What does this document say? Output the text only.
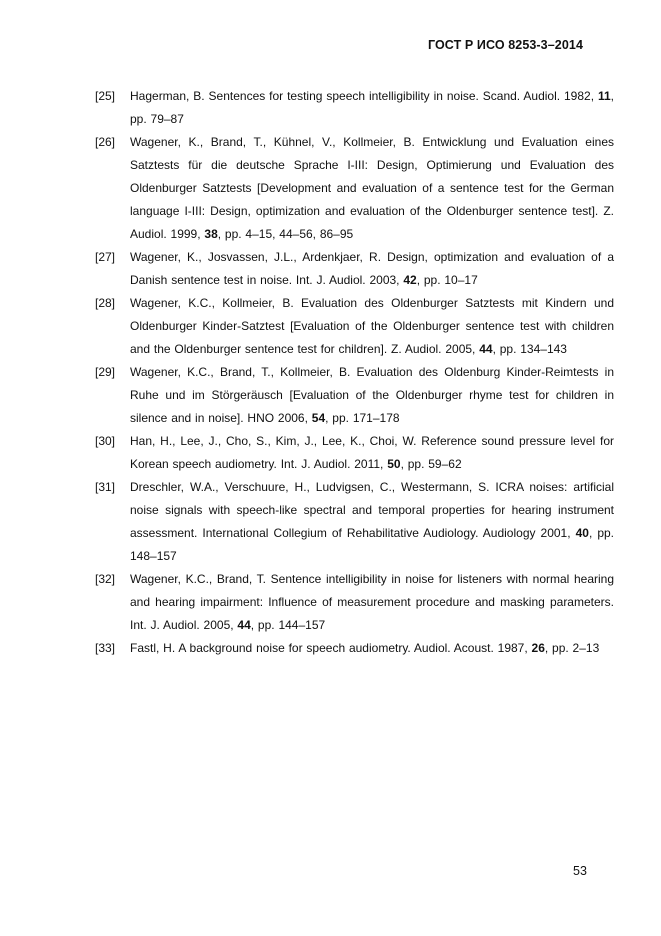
ГОСТ Р ИСО 8253-3–2014
[25]	Hagerman, B. Sentences for testing speech intelligibility in noise. Scand. Audiol. 1982, 11, pp. 79–87
[26]	Wagener, K., Brand, T., Kühnel, V., Kollmeier, B. Entwicklung und Evaluation eines Satztests für die deutsche Sprache I-III: Design, Optimierung und Evaluation des Oldenburger Satztests [Development and evaluation of a sentence test for the German language I-III: Design, optimization and evaluation of the Oldenburger sentence test]. Z. Audiol. 1999, 38, pp. 4–15, 44–56, 86–95
[27]	Wagener, K., Josvassen, J.L., Ardenkjaer, R. Design, optimization and evaluation of a Danish sentence test in noise. Int. J. Audiol. 2003, 42, pp. 10–17
[28]	Wagener, K.C., Kollmeier, B. Evaluation des Oldenburger Satztests mit Kindern und Oldenburger Kinder-Satztest [Evaluation of the Oldenburger sentence test with children and the Oldenburger sentence test for children]. Z. Audiol. 2005, 44, pp. 134–143
[29]	Wagener, K.C., Brand, T., Kollmeier, B. Evaluation des Oldenburg Kinder-Reimtests in Ruhe und im Störgeräusch [Evaluation of the Oldenburger rhyme test for children in silence and in noise]. HNO 2006, 54, pp. 171–178
[30]	Han, H., Lee, J., Cho, S., Kim, J., Lee, K., Choi, W. Reference sound pressure level for Korean speech audiometry. Int. J. Audiol. 2011, 50, pp. 59–62
[31]	Dreschler, W.A., Verschuure, H., Ludvigsen, C., Westermann, S. ICRA noises: artificial noise signals with speech-like spectral and temporal properties for hearing instrument assessment. International Collegium of Rehabilitative Audiology. Audiology 2001, 40, pp. 148–157
[32]	Wagener, K.C., Brand, T. Sentence intelligibility in noise for listeners with normal hearing and hearing impairment: Influence of measurement procedure and masking parameters. Int. J. Audiol. 2005, 44, pp. 144–157
[33]	Fastl, H. A background noise for speech audiometry. Audiol. Acoust. 1987, 26, pp. 2–13
53
